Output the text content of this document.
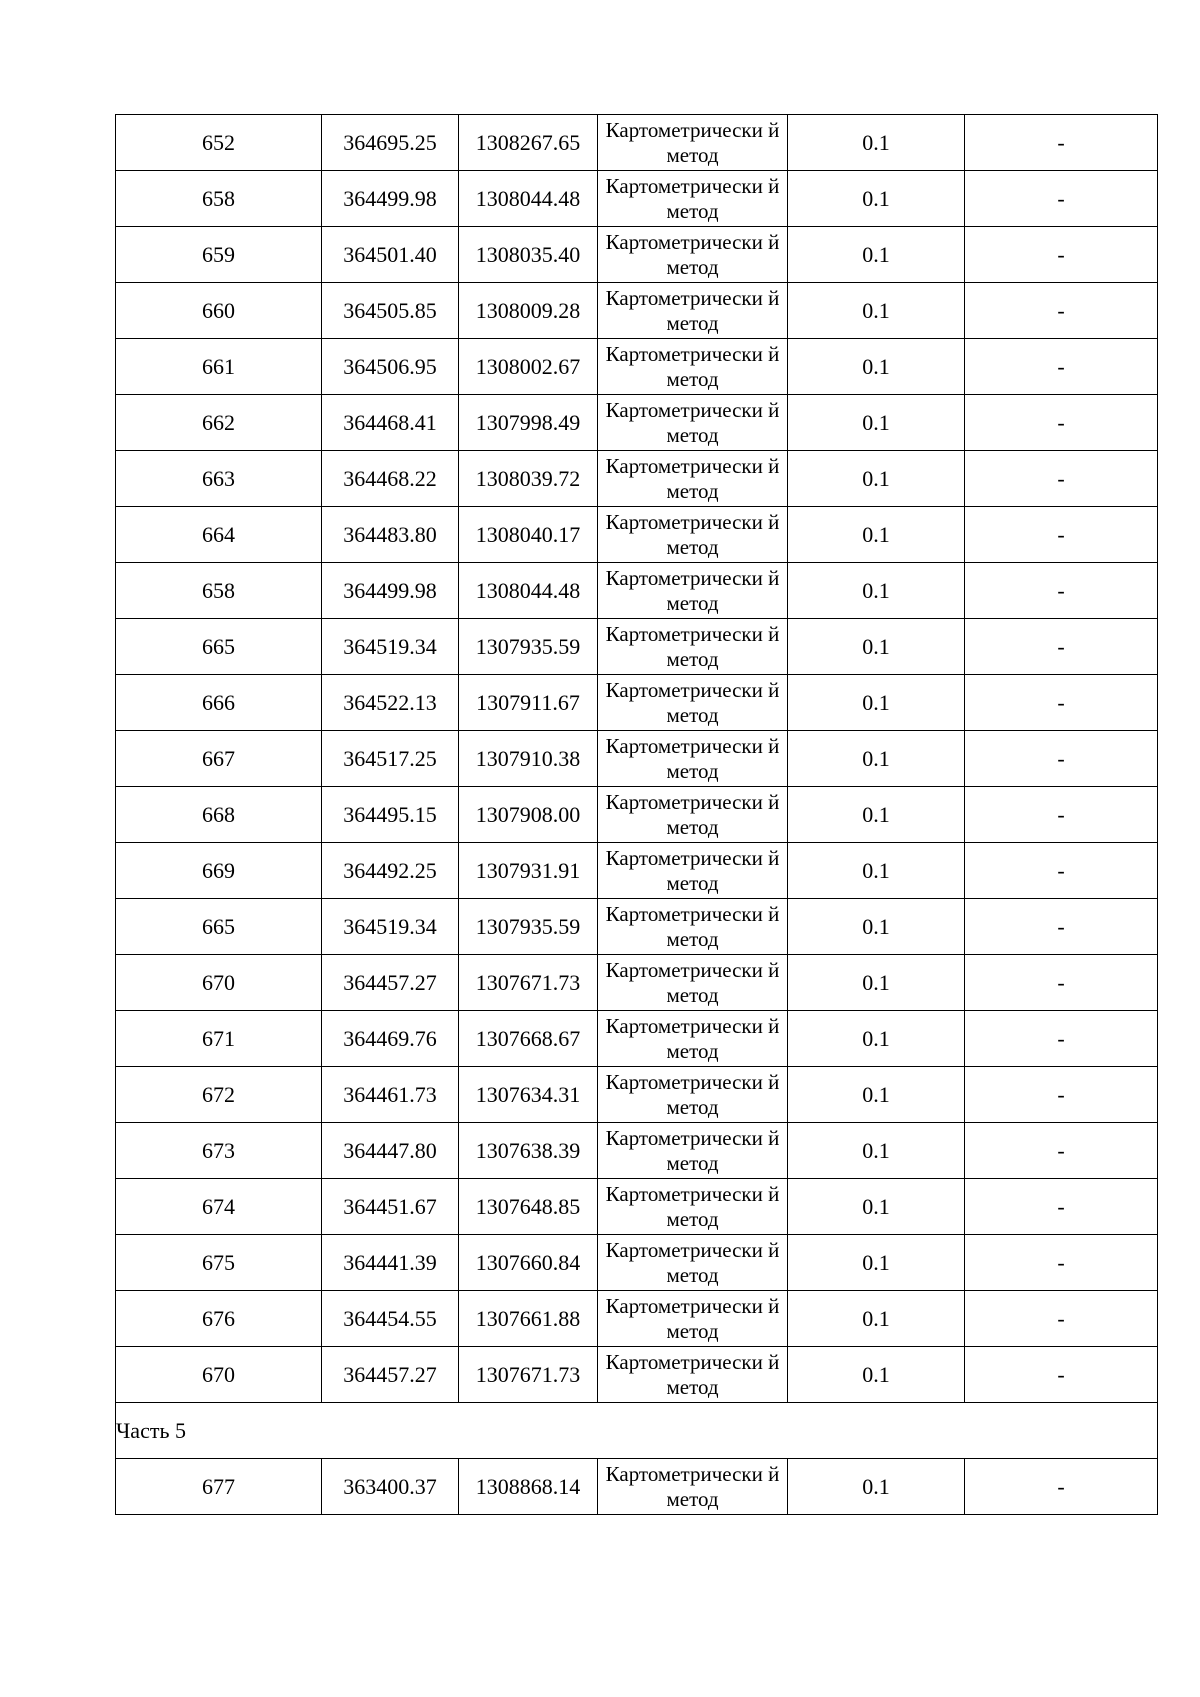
652	364695.25	1308267.65	Картометрически й метод	0.1	-
658	364499.98	1308044.48	Картометрически й метод	0.1	-
659	364501.40	1308035.40	Картометрически й метод	0.1	-
660	364505.85	1308009.28	Картометрически й метод	0.1	-
661	364506.95	1308002.67	Картометрически й метод	0.1	-
662	364468.41	1307998.49	Картометрически й метод	0.1	-
663	364468.22	1308039.72	Картометрически й метод	0.1	-
664	364483.80	1308040.17	Картометрически й метод	0.1	-
658	364499.98	1308044.48	Картометрически й метод	0.1	-
665	364519.34	1307935.59	Картометрически й метод	0.1	-
666	364522.13	1307911.67	Картометрически й метод	0.1	-
667	364517.25	1307910.38	Картометрически й метод	0.1	-
668	364495.15	1307908.00	Картометрически й метод	0.1	-
669	364492.25	1307931.91	Картометрически й метод	0.1	-
665	364519.34	1307935.59	Картометрически й метод	0.1	-
670	364457.27	1307671.73	Картометрически й метод	0.1	-
671	364469.76	1307668.67	Картометрически й метод	0.1	-
672	364461.73	1307634.31	Картометрически й метод	0.1	-
673	364447.80	1307638.39	Картометрически й метод	0.1	-
674	364451.67	1307648.85	Картометрически й метод	0.1	-
675	364441.39	1307660.84	Картометрически й метод	0.1	-
676	364454.55	1307661.88	Картометрически й метод	0.1	-
670	364457.27	1307671.73	Картометрически й метод	0.1	-
Часть 5					
677	363400.37	1308868.14	Картометрически й метод	0.1	-
